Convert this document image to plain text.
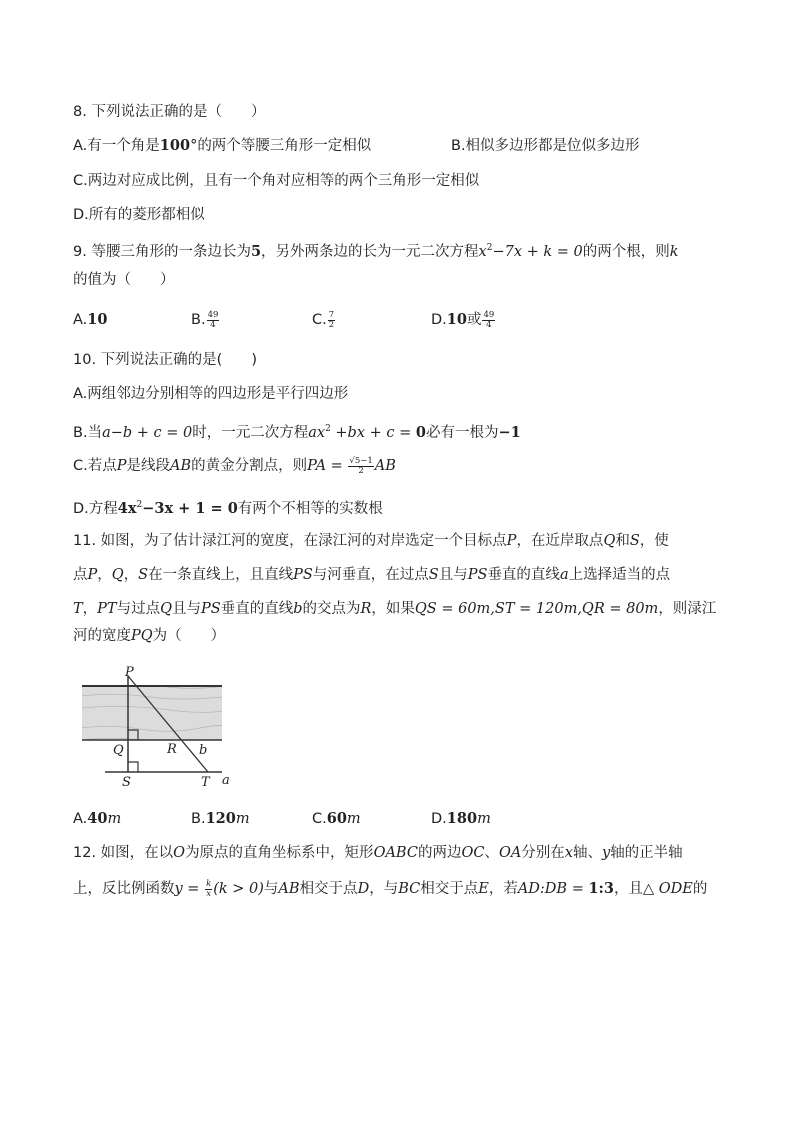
8. 下列说法正确的是（　　）
A.有一个角是100°的两个等腰三角形一定相似	B.相似多边形都是位似多边形
C.两边对应成比例，且有一个角对应相等的两个三角形一定相似
D.所有的菱形都相似
9. 等腰三角形的一条边长为5，另外两条边的长为一元二次方程$x^2-7x + k = 0$的两个根，则k
的值为（　　）
A.10	B. $\frac{49}{4}$	C. $\frac{7}{2}$	D.10或 $\frac{49}{4}$
10. 下列说法正确的是(　　)
A.两组邻边分别相等的四边形是平行四边形
B.当a−b + c = 0时，一元二次方程$ax^2 +bx + c = 0$必有一根为−1
C.若点P是线段AB的黄金分割点，则PA = $\frac{√5-1}{2}$ AB
D.方程$4x^2-3x + 1 = 0$有两个不相等的实数根
11. 如图，为了估计渌江河的宽度，在渌江河的对岸选定一个目标点P，在近岸取点Q和S，使
点P，Q，S在一条直线上，且直线PS与河垂直，在过点S且与PS垂直的直线a上选择适当的点
T，PT与过点Q且与PS垂直的直线b的交点为R，如果QS = 60m,ST = 120m,QR = 80m，则渌江
河的宽度PQ为（　　）
P
Q	R b
S	T a
A.40m	B.120m	C.60m	D.180m
12. 如图，在以O为原点的直角坐标系中，矩形OABC的两边OC、OA分别在x轴、y轴的正半轴
上，反比例函数$y = \frac{k}{x} (k > 0)$与AB相交于点D，与BC相交于点E，若AD:DB = 1:3，且△ ODE的
